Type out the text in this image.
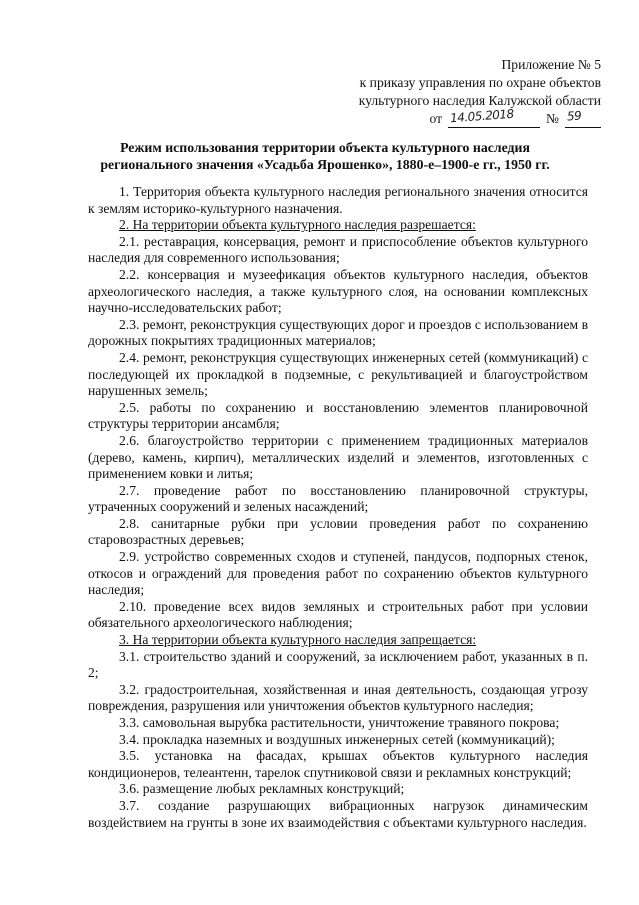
Приложение № 5
к приказу управления по охране объектов
культурного наследия Калужской области
от 14.05.2018 № 59
Режим использования территории объекта культурного наследия
регионального значения «Усадьба Ярошенко», 1880-е–1900-е гг., 1950 гг.

1. Территория объекта культурного наследия регионального значения относится к землям историко-культурного назначения.

2. На территории объекта культурного наследия разрешается:

2.1. реставрация, консервация, ремонт и приспособление объектов культурного наследия для современного использования;

2.2. консервация и музеефикация объектов культурного наследия, объектов археологического наследия, а также культурного слоя, на основании комплексных научно-исследовательских работ;

2.3. ремонт, реконструкция существующих дорог и проездов с использованием в дорожных покрытиях традиционных материалов;

2.4. ремонт, реконструкция существующих инженерных сетей (коммуникаций) с последующей их прокладкой в подземные, с рекультивацией и благоустройством нарушенных земель;

2.5. работы по сохранению и восстановлению элементов планировочной структуры территории ансамбля;

2.6. благоустройство территории с применением традиционных материалов (дерево, камень, кирпич), металлических изделий и элементов, изготовленных с применением ковки и литья;

2.7. проведение работ по восстановлению планировочной структуры, утраченных сооружений и зеленых насаждений;

2.8. санитарные рубки при условии проведения работ по сохранению старовозрастных деревьев;

2.9. устройство современных сходов и ступеней, пандусов, подпорных стенок, откосов и ограждений для проведения работ по сохранению объектов культурного наследия;

2.10. проведение всех видов земляных и строительных работ при условии обязательного археологического наблюдения;

3. На территории объекта культурного наследия запрещается:

3.1. строительство зданий и сооружений, за исключением работ, указанных в п. 2;

3.2. градостроительная, хозяйственная и иная деятельность, создающая угрозу повреждения, разрушения или уничтожения объектов культурного наследия;

3.3. самовольная вырубка растительности, уничтожение травяного покрова;

3.4. прокладка наземных и воздушных инженерных сетей (коммуникаций);

3.5. установка на фасадах, крышах объектов культурного наследия кондиционеров, телеантенн, тарелок спутниковой связи и рекламных конструкций;

3.6. размещение любых рекламных конструкций;

3.7. создание разрушающих вибрационных нагрузок динамическим воздействием на грунты в зоне их взаимодействия с объектами культурного наследия.
